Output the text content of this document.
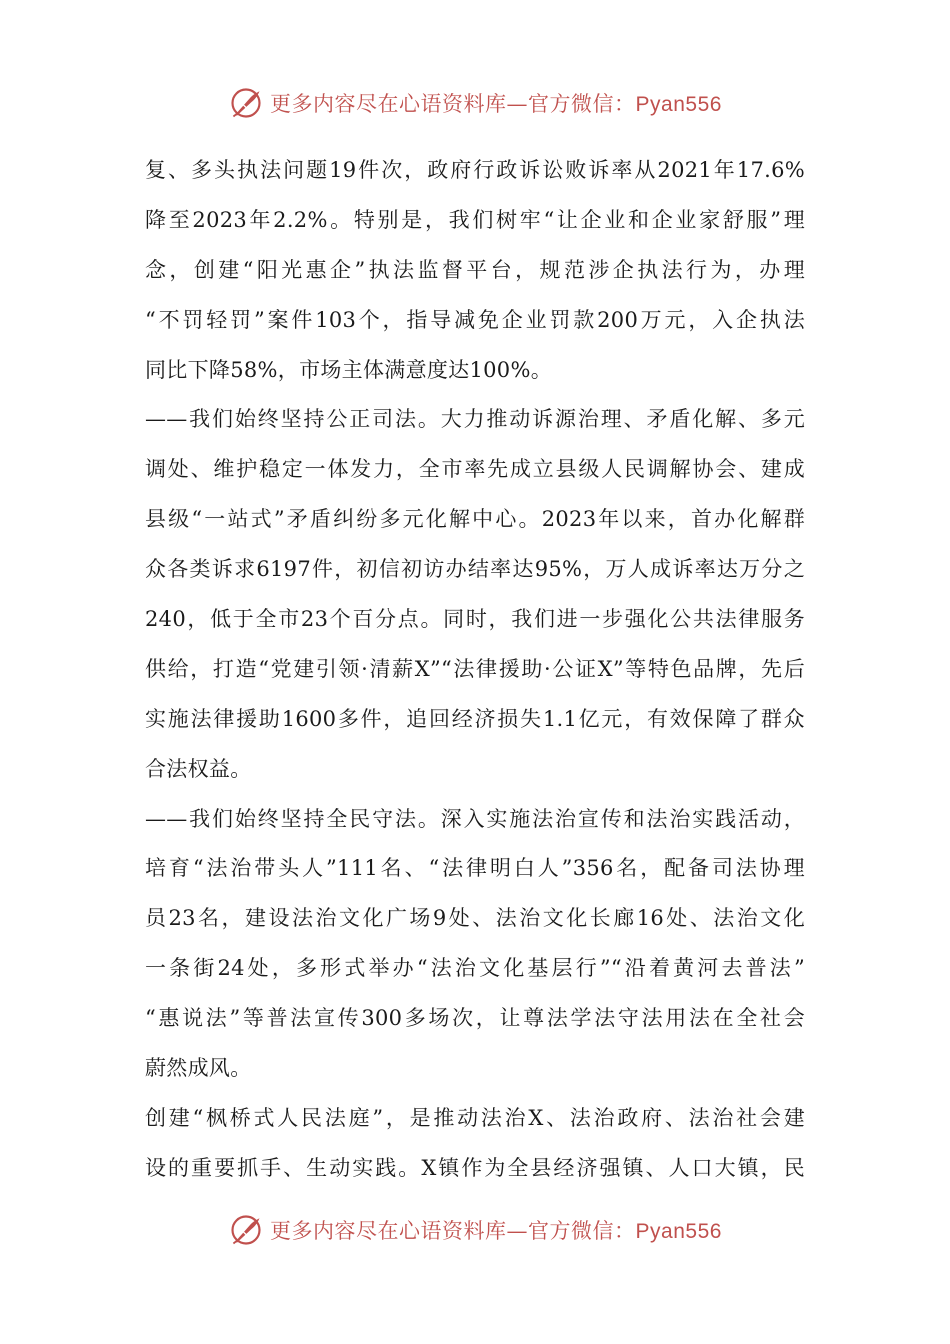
更多内容尽在心语资料库—官方微信：Pyan556
复、多头执法问题19件次，政府行政诉讼败诉率从2021年17.6%
降至2023年2.2%。特别是，我们树牢“让企业和企业家舒服”理
念，创建“阳光惠企”执法监督平台，规范涉企执法行为，办理
“不罚轻罚”案件103个，指导减免企业罚款200万元，入企执法
同比下降58%，市场主体满意度达100%。
——我们始终坚持公正司法。大力推动诉源治理、矛盾化解、多元
调处、维护稳定一体发力，全市率先成立县级人民调解协会、建成
县级“一站式”矛盾纠纷多元化解中心。2023年以来，首办化解群
众各类诉求6197件，初信初访办结率达95%，万人成诉率达万分之
240，低于全市23个百分点。同时，我们进一步强化公共法律服务
供给，打造“党建引领·清薪X”“法律援助·公证X”等特色品牌，先后
实施法律援助1600多件，追回经济损失1.1亿元，有效保障了群众
合法权益。
——我们始终坚持全民守法。深入实施法治宣传和法治实践活动，
培育“法治带头人”111名、“法律明白人”356名，配备司法协理
员23名，建设法治文化广场9处、法治文化长廊16处、法治文化
一条街24处，多形式举办“法治文化基层行”“沿着黄河去普法”
“惠说法”等普法宣传300多场次，让尊法学法守法用法在全社会
蔚然成风。
创建“枫桥式人民法庭”，是推动法治X、法治政府、法治社会建
设的重要抓手、生动实践。X镇作为全县经济强镇、人口大镇，民
更多内容尽在心语资料库—官方微信：Pyan556
